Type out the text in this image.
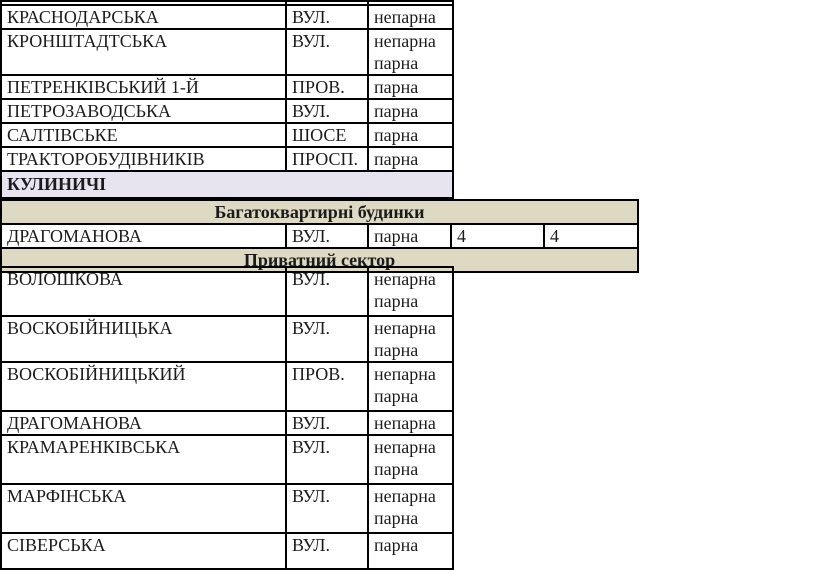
КРАСНОДАРСЬКА	ВУЛ.	непарна

КРОНШТАДТСЬКА	ВУЛ.	непарна
парна

ПЕТРЕНКІВСЬКИЙ 1-Й	ПРОВ.	парна

ПЕТРОЗАВОДСЬКА	ВУЛ.	парна

САЛТІВСЬКЕ	ШОСЕ	парна

ТРАКТОРОБУДІВНИКІВ	ПРОСП.	парна

КУЛИНИЧІ		
Багатоквартирні будинки
ДРАГОМАНОВА	ВУЛ.	парна	4	4
Приватний сектор
ВОЛОШКОВА	ВУЛ.	непарна
парна

ВОСКОБІЙНИЦЬКА	ВУЛ.	непарна
парна

ВОСКОБІЙНИЦЬКИЙ	ПРОВ.	непарна
парна

ДРАГОМАНОВА	ВУЛ.	непарна

КРАМАРЕНКІВСЬКА	ВУЛ.	непарна
парна

МАРФІНСЬКА	ВУЛ.	непарна
парна

СІВЕРСЬКА	ВУЛ.	парна
